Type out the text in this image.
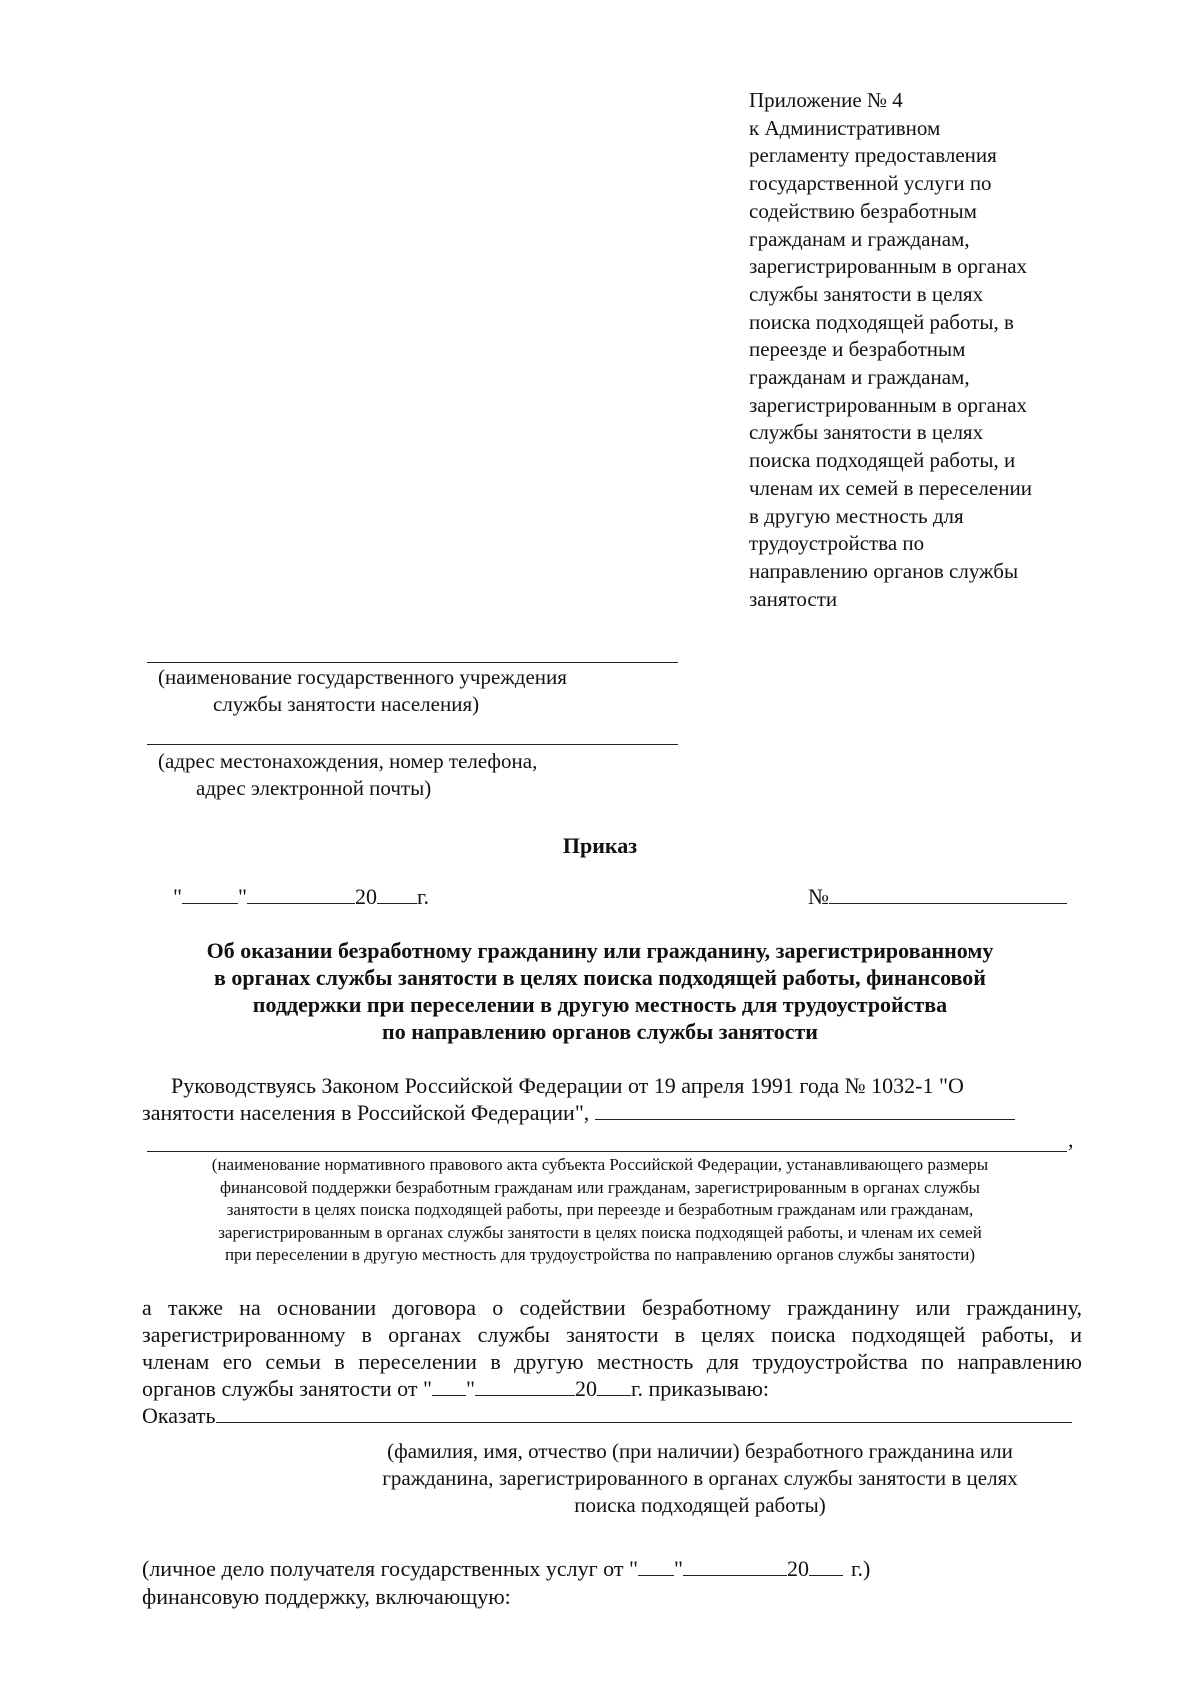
Приложение № 4
к Административном
регламенту предоставления
государственной услуги по
содействию безработным
гражданам и гражданам,
зарегистрированным в органах
службы занятости в целях
поиска подходящей работы, в
переезде и безработным
гражданам и гражданам,
зарегистрированным в органах
службы занятости в целях
поиска подходящей работы, и
членам их семей в переселении
в другую местность для
трудоустройства по
направлению органов службы
занятости
(наименование государственного учреждения
службы занятости населения)
(адрес местонахождения, номер телефона,
адрес электронной почты)
Приказ
"	"	20 г.	№
Об оказании безработному гражданину или гражданину, зарегистрированному
в органах службы занятости в целях поиска подходящей работы, финансовой
поддержки при переселении в другую местность для трудоустройства
по направлению органов службы занятости
Руководствуясь Законом Российской Федерации от 19 апреля 1991 года № 1032-1 "О
занятости населения в Российской Федерации",
,
(наименование нормативного правового акта субъекта Российской Федерации, устанавливающего размеры
финансовой поддержки безработным гражданам или гражданам, зарегистрированным в органах службы
занятости в целях поиска подходящей работы, при переезде и безработным гражданам или гражданам,
зарегистрированным в органах службы занятости в целях поиска подходящей работы, и членам их семей
при переселении в другую местность для трудоустройства по направлению органов службы занятости)
а также на основании договора о содействии безработному гражданину или гражданину,
зарегистрированному в органах службы занятости в целях поиска подходящей работы, и
членам его семьи в переселении в другую местность для трудоустройства по направлению
органов службы занятости от " "	20 г. приказываю:
Оказать
(фамилия, имя, отчество (при наличии) безработного гражданина или
гражданина, зарегистрированного в органах службы занятости в целях
поиска подходящей работы)
(личное дело получателя государственных услуг от " "	20 г.)
финансовую поддержку, включающую:
